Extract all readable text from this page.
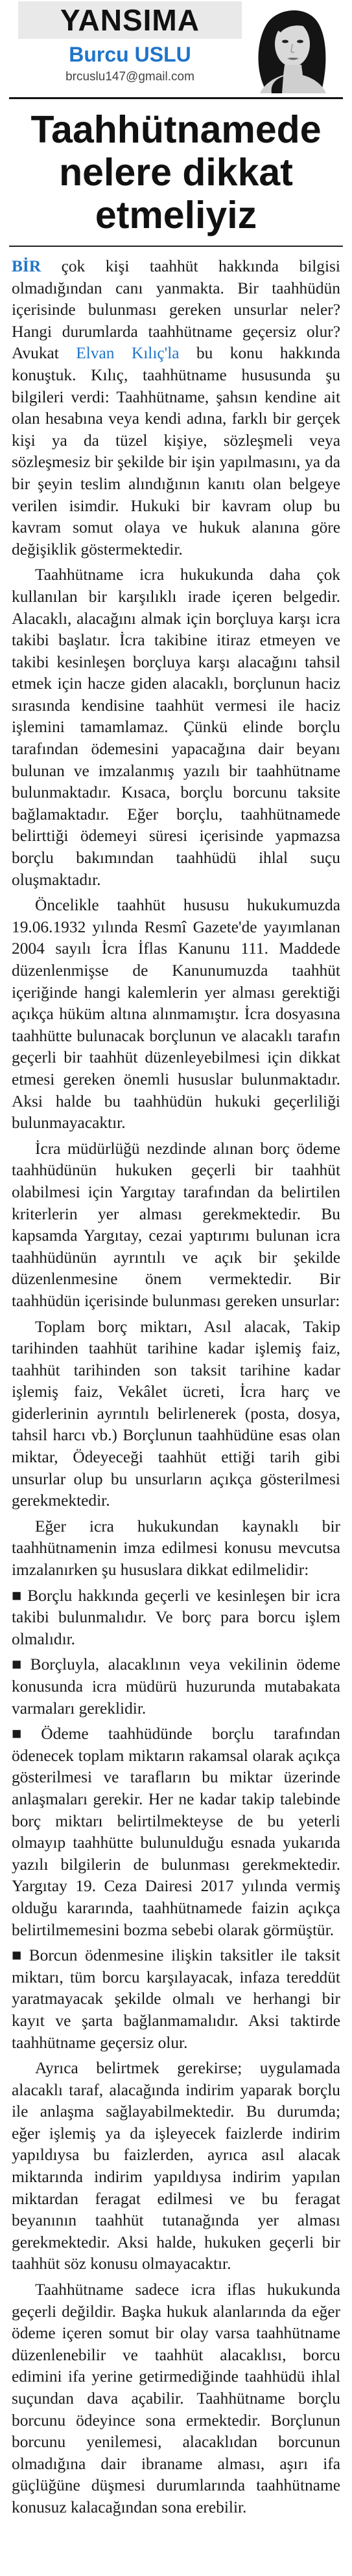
YANSIMA
Burcu USLU
brcuslu147@gmail.com
Taahhütnamede nelere dikkat etmeliyiz

BİR çok kişi taahhüt hakkında bilgisi olmadığından canı yanmakta. Bir taahhüdün içerisinde bulunması gereken unsurlar neler? Hangi durumlarda taahhütname geçersiz olur? Avukat Elvan Kılıç'la bu konu hakkında konuştuk. Kılıç, taahhütname hususunda şu bilgileri verdi: Taahhütname, şahsın kendine ait olan hesabına veya kendi adına, farklı bir gerçek kişi ya da tüzel kişiye, sözleşmeli veya sözleşmesiz bir şekilde bir işin yapılmasını, ya da bir şeyin teslim alındığının kanıtı olan belgeye verilen isimdir. Hukuki bir kavram olup bu kavram somut olaya ve hukuk alanına göre değişiklik göstermektedir.

Taahhütname icra hukukunda daha çok kullanılan bir karşılıklı irade içeren belgedir. Alacaklı, alacağını almak için borçluya karşı icra takibi başlatır. İcra takibine itiraz etmeyen ve takibi kesinleşen borçluya karşı alacağını tahsil etmek için hacze giden alacaklı, borçlunun haciz sırasında kendisine taahhüt vermesi ile haciz işlemini tamamlamaz. Çünkü elinde borçlu tarafından ödemesini yapacağına dair beyanı bulunan ve imzalanmış yazılı bir taahhütname bulunmaktadır. Kısaca, borçlu borcunu taksite bağlamaktadır. Eğer borçlu, taahhütnamede belirttiği ödemeyi süresi içerisinde yapmazsa borçlu bakımından taahhüdü ihlal suçu oluşmaktadır.

Öncelikle taahhüt hususu hukukumuzda 19.06.1932 yılında Resmî Gazete'de yayımlanan 2004 sayılı İcra İflas Kanunu 111. Maddede düzenlenmişse de Kanunumuzda taahhüt içeriğinde hangi kalemlerin yer alması gerektiği açıkça hüküm altına alınmamıştır. İcra dosyasına taahhütte bulunacak borçlunun ve alacaklı tarafın geçerli bir taahhüt düzenleyebilmesi için dikkat etmesi gereken önemli hususlar bulunmaktadır. Aksi halde bu taahhüdün hukuki geçerliliği bulunmayacaktır.

İcra müdürlüğü nezdinde alınan borç ödeme taahhüdünün hukuken geçerli bir taahhüt olabilmesi için Yargıtay tarafından da belirtilen kriterlerin yer alması gerekmektedir. Bu kapsamda Yargıtay, cezai yaptırımı bulunan icra taahhüdünün ayrıntılı ve açık bir şekilde düzenlenmesine önem vermektedir. Bir taahhüdün içerisinde bulunması gereken unsurlar:

Toplam borç miktarı, Asıl alacak, Takip tarihinden taahhüt tarihine kadar işlemiş faiz, taahhüt tarihinden son taksit tarihine kadar işlemiş faiz, Vekâlet ücreti, İcra harç ve giderlerinin ayrıntılı belirlenerek (posta, dosya, tahsil harcı vb.) Borçlunun taahhüdüne esas olan miktar, Ödeyeceği taahhüt ettiği tarih gibi unsurlar olup bu unsurların açıkça gösterilmesi gerekmektedir.

Eğer icra hukukundan kaynaklı bir taahhütnamenin imza edilmesi konusu mevcutsa imzalanırken şu hususlara dikkat edilmelidir:

■ Borçlu hakkında geçerli ve kesinleşen bir icra takibi bulunmalıdır. Ve borç para borcu işlem olmalıdır.

■ Borçluyla, alacaklının veya vekilinin ödeme konusunda icra müdürü huzurunda mutabakata varmaları gereklidir.

■ Ödeme taahhüdünde borçlu tarafından ödenecek toplam miktarın rakamsal olarak açıkça gösterilmesi ve tarafların bu miktar üzerinde anlaşmaları gerekir. Her ne kadar takip talebinde borç miktarı belirtilmekteyse de bu yeterli olmayıp taahhütte bulunulduğu esnada yukarıda yazılı bilgilerin de bulunması gerekmektedir. Yargıtay 19. Ceza Dairesi 2017 yılında vermiş olduğu kararında, taahhütnamede faizin açıkça belirtilmemesini bozma sebebi olarak görmüştür.

■ Borcun ödenmesine ilişkin taksitler ile taksit miktarı, tüm borcu karşılayacak, infaza tereddüt yaratmayacak şekilde olmalı ve herhangi bir kayıt ve şarta bağlanmamalıdır. Aksi taktirde taahhütname geçersiz olur.

Ayrıca belirtmek gerekirse; uygulamada alacaklı taraf, alacağında indirim yaparak borçlu ile anlaşma sağlayabilmektedir. Bu durumda; eğer işlemiş ya da işleyecek faizlerde indirim yapıldıysa bu faizlerden, ayrıca asıl alacak miktarında indirim yapıldıysa indirim yapılan miktardan feragat edilmesi ve bu feragat beyanının taahhüt tutanağında yer alması gerekmektedir. Aksi halde, hukuken geçerli bir taahhüt söz konusu olmayacaktır.

Taahhütname sadece icra iflas hukukunda geçerli değildir. Başka hukuk alanlarında da eğer ödeme içeren somut bir olay varsa taahhütname düzenlenebilir ve taahhüt alacaklısı, borcu edimini ifa yerine getirmediğinde taahhüdü ihlal suçundan dava açabilir. Taahhütname borçlu borcunu ödeyince sona ermektedir. Borçlunun borcunu yenilemesi, alacaklıdan borcunun olmadığına dair ibraname alması, aşırı ifa güçlüğüne düşmesi durumlarında taahhütname konusuz kalacağından sona erebilir.
